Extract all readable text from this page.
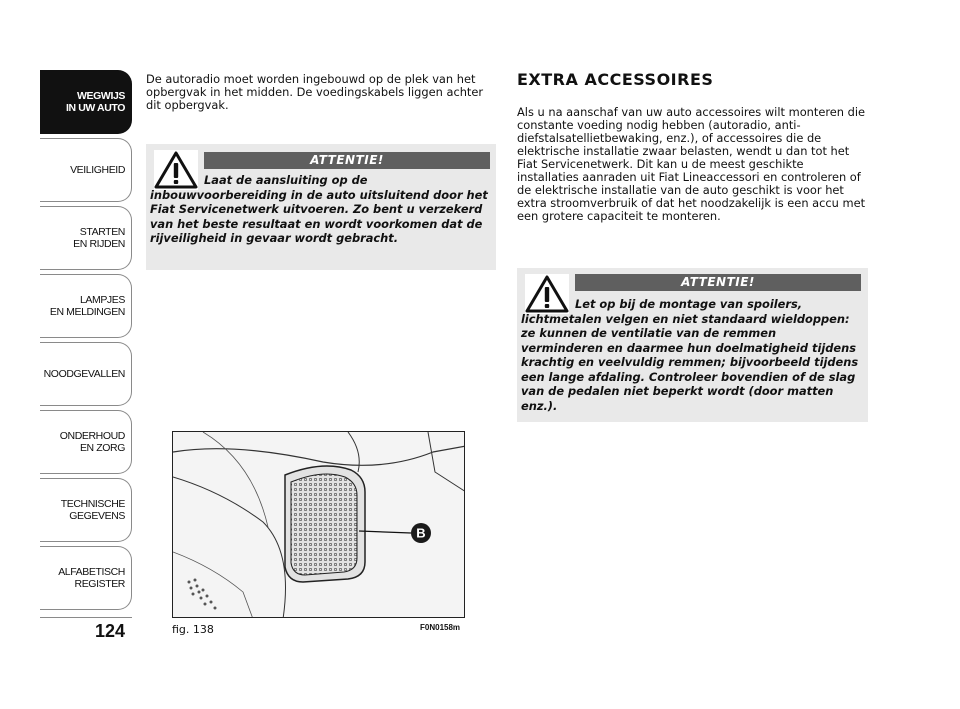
WEGWIJS
IN UW AUTO
VEILIGHEID
STARTEN
EN RIJDEN
LAMPJES
EN MELDINGEN
NOODGEVALLEN
ONDERHOUD
EN ZORG
TECHNISCHE
GEGEVENS
ALFABETISCH
REGISTER
124

De autoradio moet worden ingebouwd op de plek van het opbergvak in het midden. De voedingskabels liggen achter dit opbergvak.

ATTENTIE!

Laat de aansluiting op de inbouwvoorbereiding in de auto uitsluitend door het Fiat Servicenetwerk uitvoeren. Zo bent u verzekerd van het beste resultaat en wordt voorkomen dat de rijveiligheid in gevaar wordt gebracht.

EXTRA ACCESSOIRES

Als u na aanschaf van uw auto accessoires wilt monteren die constante voeding nodig hebben (autoradio, anti-diefstalsatellietbewaking, enz.), of accessoires die de elektrische installatie zwaar belasten, wendt u dan tot het Fiat Servicenetwerk. Dit kan u de meest geschikte installaties aanraden uit Fiat Lineaccessori en controleren of de elektrische installatie van de auto geschikt is voor het extra stroomverbruik of dat het noodzakelijk is een accu met een grotere capaciteit te monteren.

ATTENTIE!

Let op bij de montage van spoilers, lichtmetalen velgen en niet standaard wieldoppen: ze kunnen de ventilatie van de remmen verminderen en daarmee hun doelmatigheid tijdens krachtig en veelvuldig remmen; bijvoorbeeld tijdens een lange afdaling. Controleer bovendien of de slag van de pedalen niet beperkt wordt (door matten enz.).

B
fig. 138	F0N0158m
